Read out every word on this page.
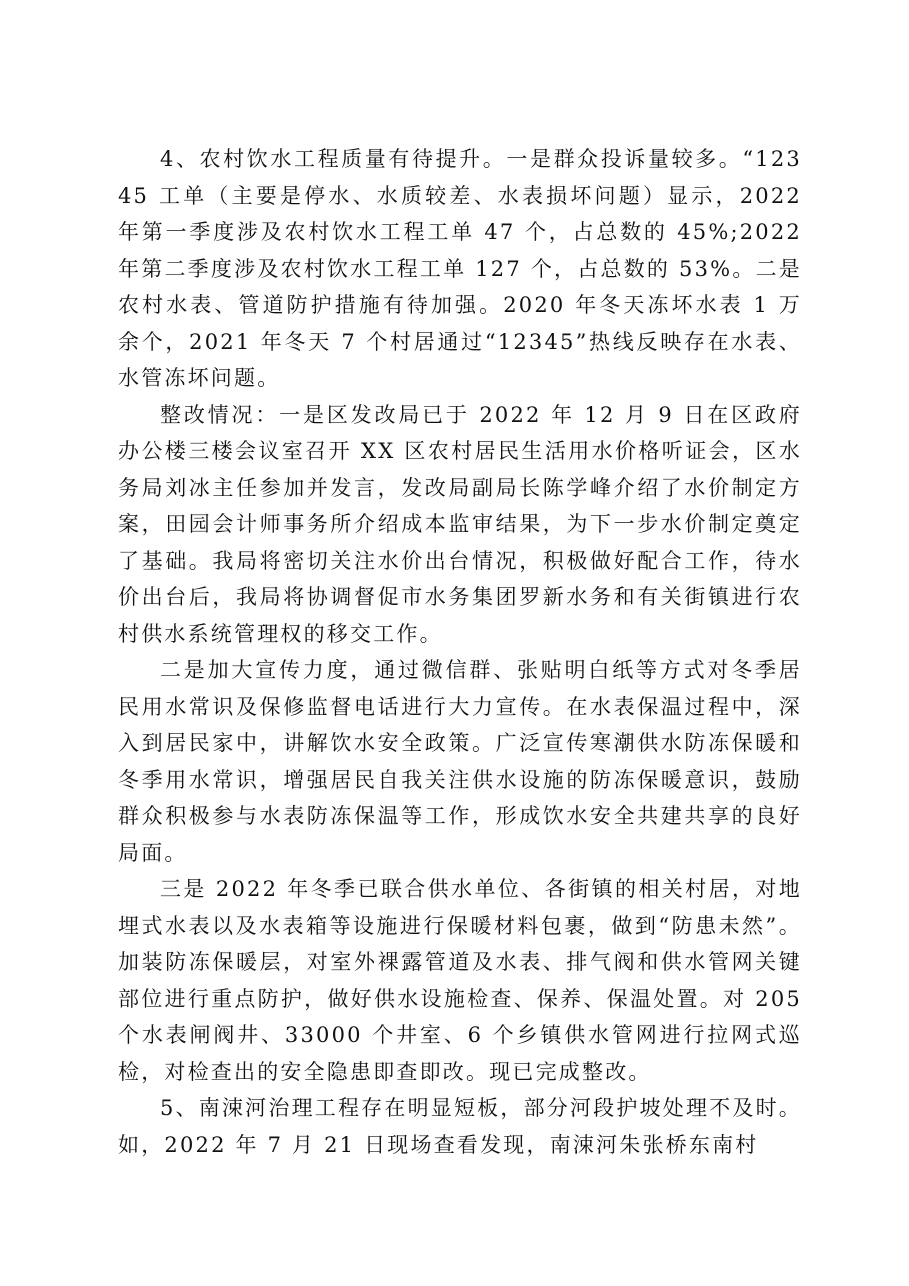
4、农村饮水工程质量有待提升。一是群众投诉量较多。“12345 工单（主要是停水、水质较差、水表损坏问题）显示，2022 年第一季度涉及农村饮水工程工单 47 个，占总数的 45%;2022 年第二季度涉及农村饮水工程工单 127 个，占总数的 53%。二是农村水表、管道防护措施有待加强。2020 年冬天冻坏水表 1 万余个，2021 年冬天 7 个村居通过“12345”热线反映存在水表、水管冻坏问题。

整改情况：一是区发改局已于 2022 年 12 月 9 日在区政府办公楼三楼会议室召开 XX 区农村居民生活用水价格听证会，区水务局刘冰主任参加并发言，发改局副局长陈学峰介绍了水价制定方案，田园会计师事务所介绍成本监审结果，为下一步水价制定奠定了基础。我局将密切关注水价出台情况，积极做好配合工作，待水价出台后，我局将协调督促市水务集团罗新水务和有关街镇进行农村供水系统管理权的移交工作。

二是加大宣传力度，通过微信群、张贴明白纸等方式对冬季居民用水常识及保修监督电话进行大力宣传。在水表保温过程中，深入到居民家中，讲解饮水安全政策。广泛宣传寒潮供水防冻保暖和冬季用水常识，增强居民自我关注供水设施的防冻保暖意识，鼓励群众积极参与水表防冻保温等工作，形成饮水安全共建共享的良好局面。

三是 2022 年冬季已联合供水单位、各街镇的相关村居，对地埋式水表以及水表箱等设施进行保暖材料包裹，做到“防患未然”。加装防冻保暖层，对室外裸露管道及水表、排气阀和供水管网关键部位进行重点防护，做好供水设施检查、保养、保温处置。对 205 个水表闸阀井、33000 个井室、6 个乡镇供水管网进行拉网式巡检，对检查出的安全隐患即查即改。现已完成整改。

5、南涑河治理工程存在明显短板，部分河段护坡处理不及时。如，2022 年 7 月 21 日现场查看发现，南涑河朱张桥东南村
